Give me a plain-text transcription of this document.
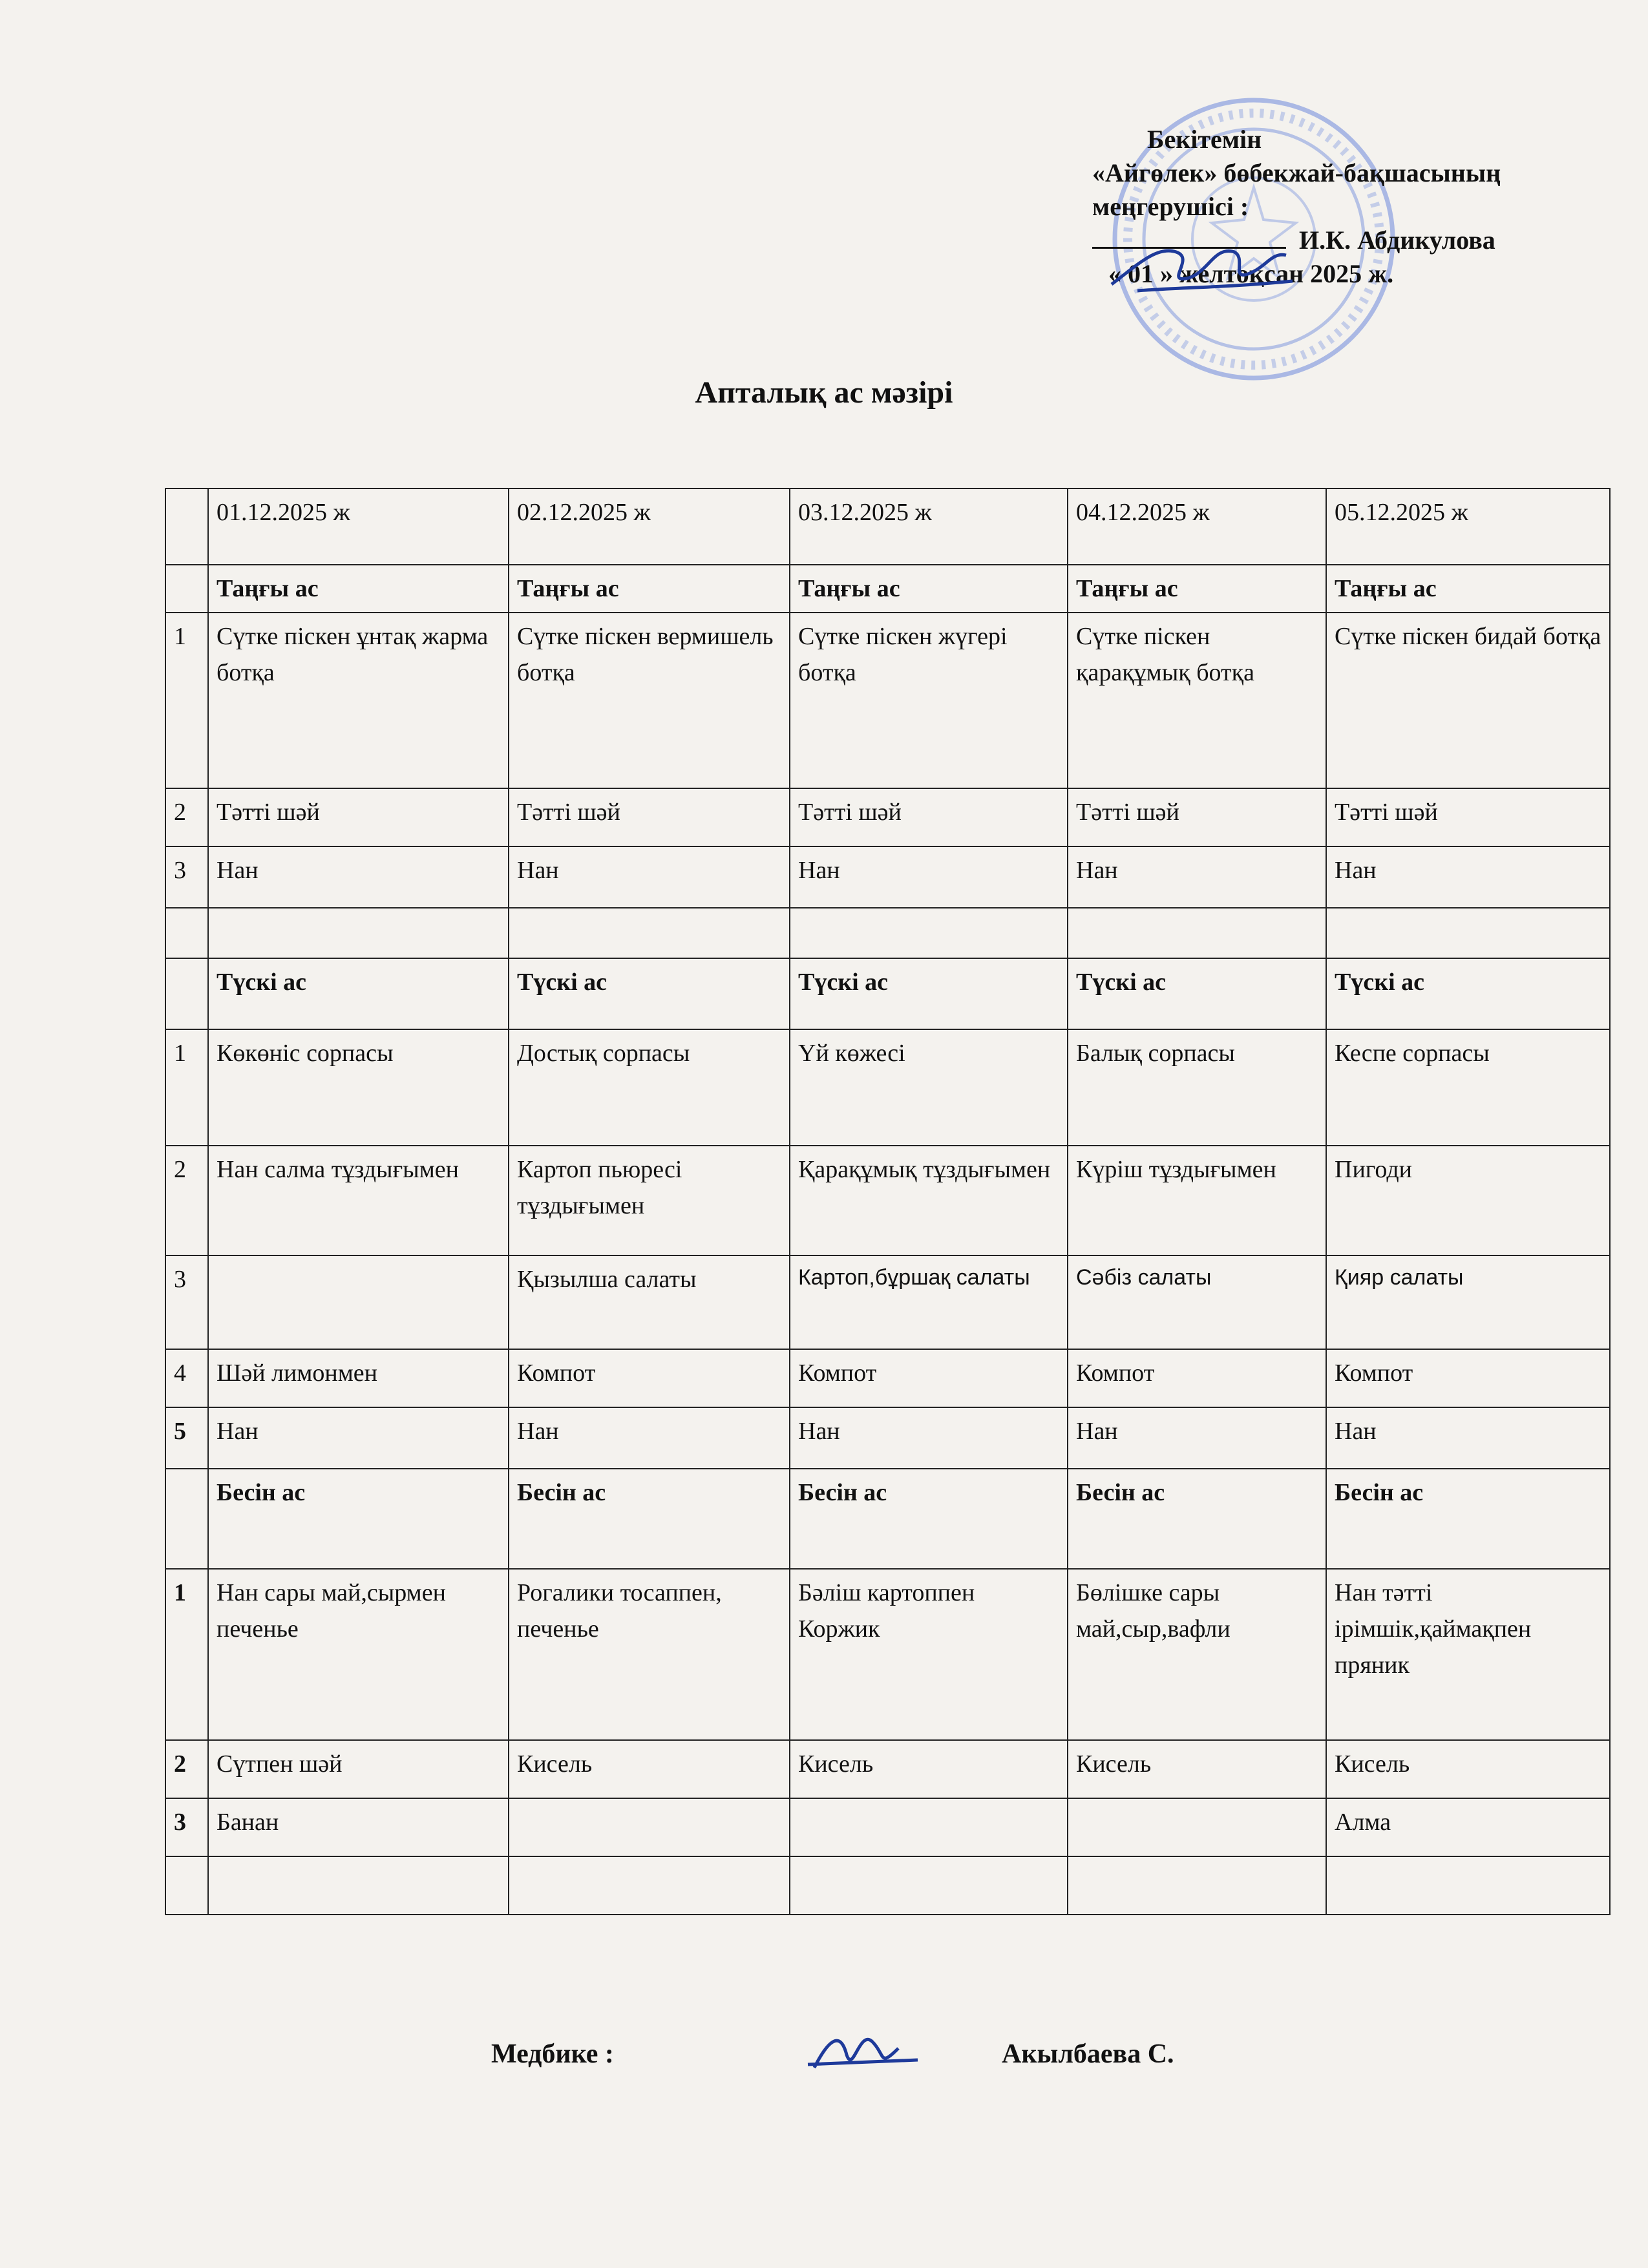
Бекітемін
«Айгөлек» бөбекжай-бақшасының
меңгерушісі :
И.К. Абдикулова
« 01 » желтоқсан 2025 ж.
Апталық ас мәзірі
	01.12.2025 ж	02.12.2025 ж	03.12.2025 ж	04.12.2025 ж	05.12.2025 ж
	Таңғы ас	Таңғы ас	Таңғы ас	Таңғы ас	Таңғы ас
1	Сүтке піскен ұнтақ жарма ботқа	Сүтке піскен вермишель ботқа	Сүтке піскен жүгері ботқа	Сүтке піскен қарақұмық ботқа	Сүтке піскен бидай ботқа
2	Тәтті шәй	Тәтті шәй	Тәтті шәй	Тәтті шәй	Тәтті шәй
3	Нан	Нан	Нан	Нан	Нан

	Түскі ас	Түскі ас	Түскі ас	Түскі ас	Түскі ас
1	Көкөніс сорпасы	Достық сорпасы	Үй көжесі	Балық сорпасы	Кеспе сорпасы
2	Нан салма тұздығымен	Картоп пьюресі тұздығымен	Қарақұмық тұздығымен	Күріш тұздығымен	Пигоди
3		Қызылша салаты	Картоп,бұршақ салаты	Сәбіз салаты	Қияр салаты
4	Шәй лимонмен	Компот	Компот	Компот	Компот
5	Нан	Нан	Нан	Нан	Нан
	Бесін ас	Бесін ас	Бесін ас	Бесін ас	Бесін ас
1	Нан сары май,сырмен печенье	Рогалики тосаппен, печенье	Бәліш картоппен Коржик	Бөлішке сары май,сыр,вафли	Нан тәтті ірімшік,қаймақпен пряник
2	Сүтпен шәй	Кисель	Кисель	Кисель	Кисель
3	Банан				Алма

Медбике :	Акылбаева С.
